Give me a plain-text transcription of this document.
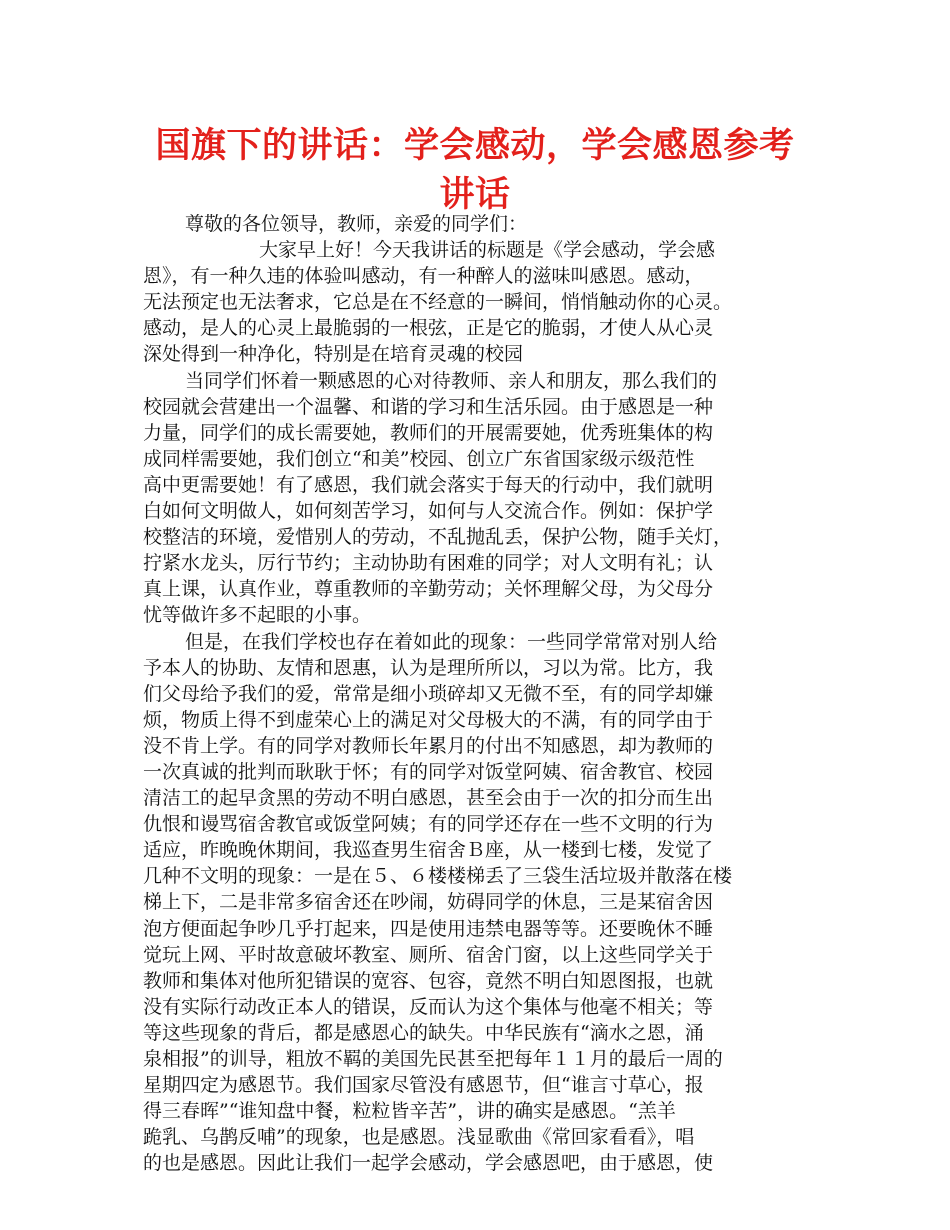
国旗下的讲话：学会感动，学会感恩参考
讲话
尊敬的各位领导，教师，亲爱的同学们：
大家早上好！今天我讲话的标题是《学会感动，学会感
恩》，有一种久违的体验叫感动，有一种醉人的滋味叫感恩。感动，
无法预定也无法奢求，它总是在不经意的一瞬间，悄悄触动你的心灵。
感动，是人的心灵上最脆弱的一根弦，正是它的脆弱，才使人从心灵
深处得到一种净化，特别是在培育灵魂的校园
当同学们怀着一颗感恩的心对待教师、亲人和朋友，那么我们的
校园就会营建出一个温馨、和谐的学习和生活乐园。由于感恩是一种
力量，同学们的成长需要她，教师们的开展需要她，优秀班集体的构
成同样需要她，我们创立“和美”校园、创立广东省国家级示级范性
高中更需要她！有了感恩，我们就会落实于每天的行动中，我们就明
白如何文明做人，如何刻苦学习，如何与人交流合作。例如：保护学
校整洁的环境，爱惜别人的劳动，不乱抛乱丢，保护公物，随手关灯，
拧紧水龙头，厉行节约；主动协助有困难的同学；对人文明有礼；认
真上课，认真作业，尊重教师的辛勤劳动；关怀理解父母，为父母分
忧等做许多不起眼的小事。
但是，在我们学校也存在着如此的现象：一些同学常常对别人给
予本人的协助、友情和恩惠，认为是理所所以，习以为常。比方，我
们父母给予我们的爱，常常是细小琐碎却又无微不至，有的同学却嫌
烦，物质上得不到虚荣心上的满足对父母极大的不满，有的同学由于
没不肯上学。有的同学对教师长年累月的付出不知感恩，却为教师的
一次真诚的批判而耿耿于怀；有的同学对饭堂阿姨、宿舍教官、校园
清洁工的起早贪黑的劳动不明白感恩，甚至会由于一次的扣分而生出
仇恨和谩骂宿舍教官或饭堂阿姨；有的同学还存在一些不文明的行为
适应，昨晚晚休期间，我巡查男生宿舍Ｂ座，从一楼到七楼，发觉了
几种不文明的现象：一是在５、６楼楼梯丢了三袋生活垃圾并散落在楼
梯上下，二是非常多宿舍还在吵闹，妨碍同学的休息，三是某宿舍因
泡方便面起争吵几乎打起来，四是使用违禁电器等等。还要晚休不睡
觉玩上网、平时故意破坏教室、厕所、宿舍门窗，以上这些同学关于
教师和集体对他所犯错误的宽容、包容，竟然不明白知恩图报，也就
没有实际行动改正本人的错误，反而认为这个集体与他毫不相关；等
等这些现象的背后，都是感恩心的缺失。中华民族有“滴水之恩，涌
泉相报”的训导，粗放不羁的美国先民甚至把每年１１月的最后一周的
星期四定为感恩节。我们国家尽管没有感恩节，但“谁言寸草心，报
得三春晖”“谁知盘中餐，粒粒皆辛苦”，讲的确实是感恩。“羔羊
跪乳、乌鹊反哺”的现象，也是感恩。浅显歌曲《常回家看看》，唱
的也是感恩。因此让我们一起学会感动，学会感恩吧，由于感恩，使
